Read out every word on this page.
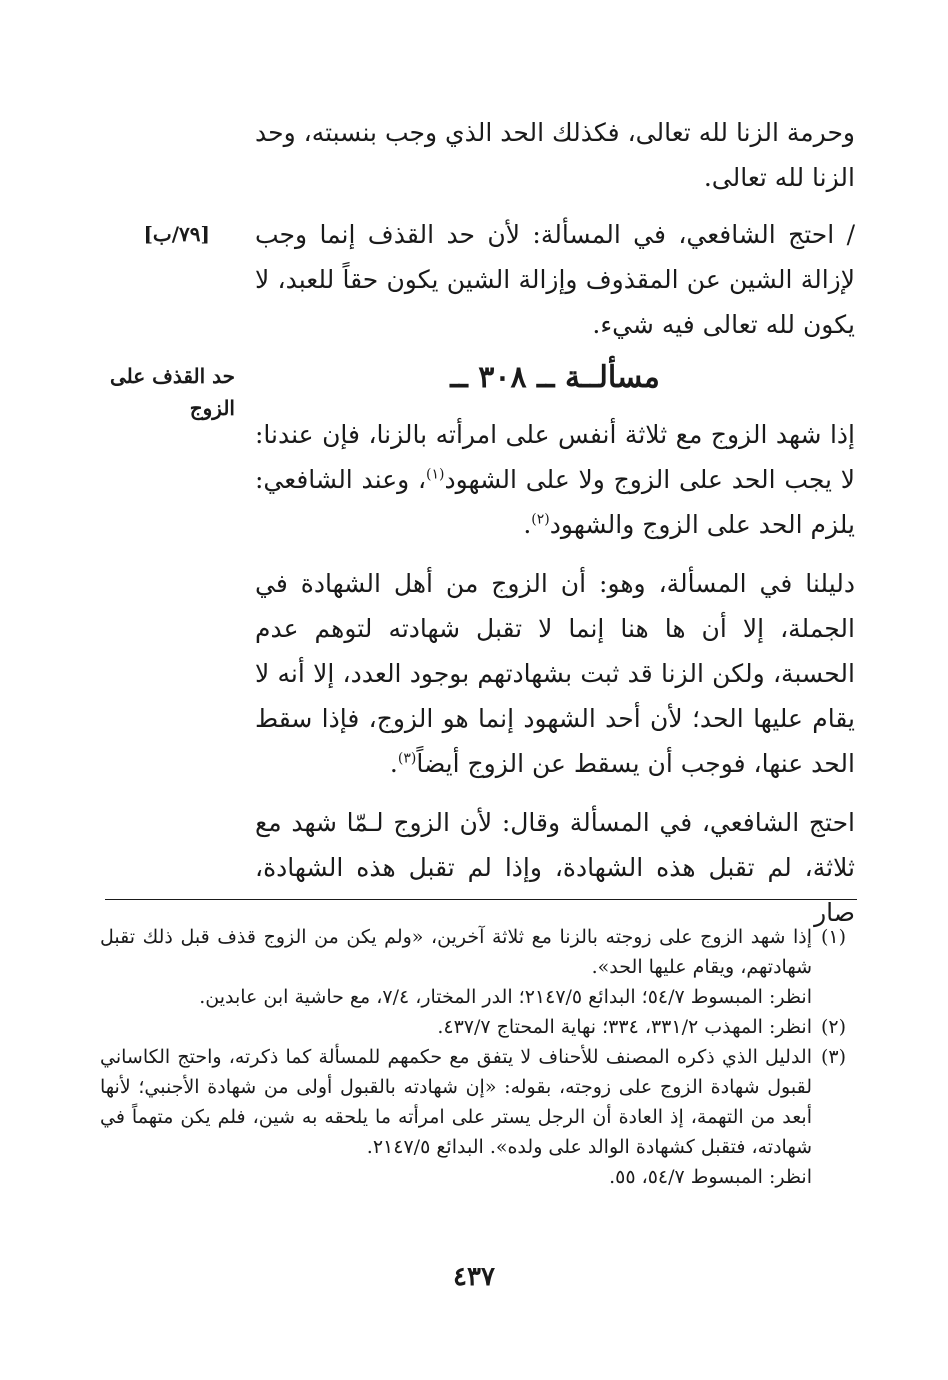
وحرمة الزنا لله تعالى، فكذلك الحد الذي وجب بنسبته، وحد الزنا لله تعالى.

/ احتج الشافعي، في المسألة: لأن حد القذف إنما وجب لإزالة الشين عن المقذوف وإزالة الشين يكون حقاً للعبد، لا يكون لله تعالى فيه شيء.

[٧٩/ب]
حد القذف على الزوج
مسألــة ــ ٣٠٨ ــ

إذا شهد الزوج مع ثلاثة أنفس على امرأته بالزنا، فإن عندنا: لا يجب الحد على الزوج ولا على الشهود$^{(١)}$، وعند الشافعي: يلزم الحد على الزوج والشهود$^{(٢)}$.

دليلنا في المسألة، وهو: أن الزوج من أهل الشهادة في الجملة، إلا أن ها هنا إنما لا تقبل شهادته لتوهم عدم الحسبة، ولكن الزنا قد ثبت بشهادتهم بوجود العدد، إلا أنه لا يقام عليها الحد؛ لأن أحد الشهود إنما هو الزوج، فإذا سقط الحد عنها، فوجب أن يسقط عن الزوج أيضاً$^{(٣)}$.

احتج الشافعي، في المسألة وقال: لأن الزوج لـمّا شهد مع ثلاثة، لم تقبل هذه الشهادة، وإذا لم تقبل هذه الشهادة، صار

(١)
إذا شهد الزوج على زوجته بالزنا مع ثلاثة آخرين، «ولم يكن من الزوج قذف قبل ذلك تقبل شهادتهم، ويقام عليها الحد».
انظر: المبسوط ٥٤/٧؛ البدائع ٢١٤٧/٥؛ الدر المختار، ٧/٤، مع حاشية ابن عابدين.
(٢)
انظر: المهذب ٣٣١/٢، ٣٣٤؛ نهاية المحتاج ٤٣٧/٧.
(٣)
الدليل الذي ذكره المصنف للأحناف لا يتفق مع حكمهم للمسألة كما ذكرته، واحتج الكاساني لقبول شهادة الزوج على زوجته، بقوله: «إن شهادته بالقبول أولى من شهادة الأجنبي؛ لأنها أبعد من التهمة، إذ العادة أن الرجل يستر على امرأته ما يلحقه به شين، فلم يكن متهماً في شهادته، فتقبل كشهادة الوالد على ولده». البدائع ٢١٤٧/٥.
انظر: المبسوط ٥٤/٧، ٥٥.
٤٣٧
